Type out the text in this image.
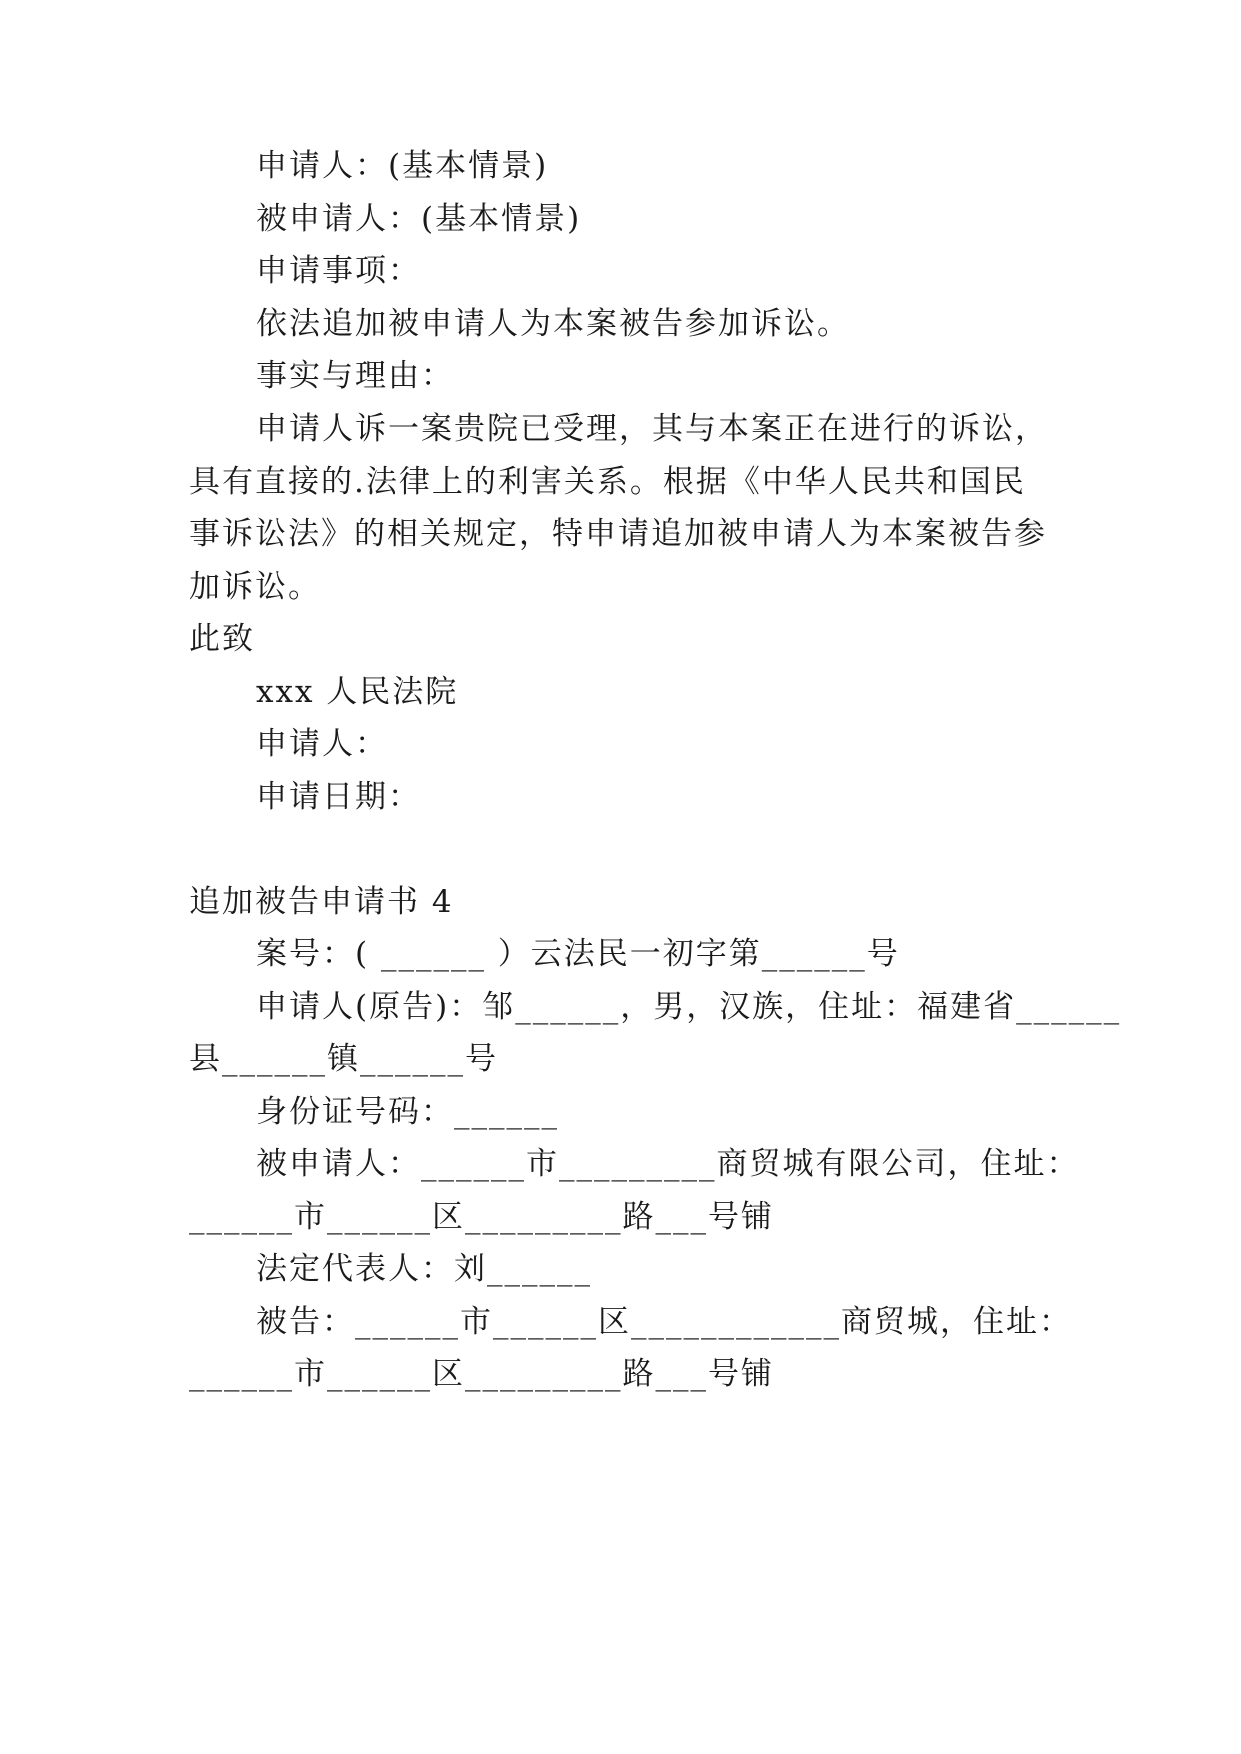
申请人：(基本情景)
被申请人：(基本情景)
申请事项：
依法追加被申请人为本案被告参加诉讼。
事实与理由：
申请人诉一案贵院已受理，其与本案正在进行的诉讼，
具有直接的.法律上的利害关系。根据《中华人民共和国民
事诉讼法》的相关规定，特申请追加被申请人为本案被告参
加诉讼。
此致
xxx 人民法院
申请人：
申请日期：
追加被告申请书 4
案号：( ______ ）云法民一初字第______号
申请人(原告)：邹______，男，汉族，住址：福建省______
县______镇______号
身份证号码：______
被申请人：______市_________商贸城有限公司，住址：
______市______区_________路___号铺
法定代表人：刘______
被告：______市______区____________商贸城，住址：
______市______区_________路___号铺
